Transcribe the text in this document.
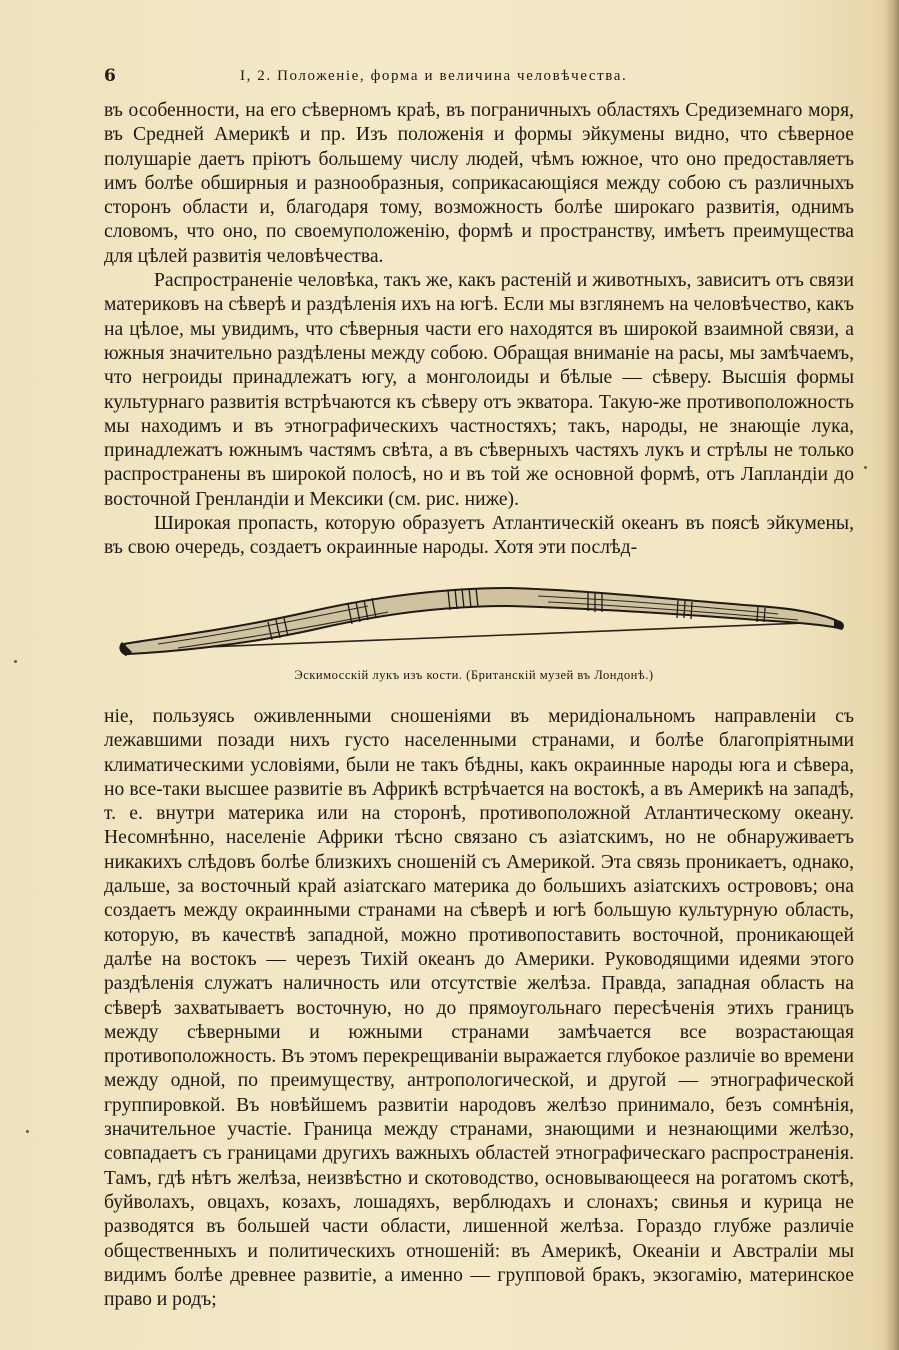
6	I, 2. Положеніе, форма и величина человѣчества.

въ особенности, на его сѣверномъ краѣ, въ пограничныхъ областяхъ Средиземнаго моря, въ Средней Америкѣ и пр. Изъ положенія и формы эйкумены видно, что сѣверное полушаріе даетъ пріютъ большему числу людей, чѣмъ южное, что оно предоставляетъ имъ болѣе обширныя и разнообразныя, соприкасающіяся между собою съ различныхъ сторонъ области и, благодаря тому, возможность болѣе широкаго развитія, однимъ словомъ, что оно, по своемуположенію, формѣ и пространству, имѣетъ преимущества для цѣлей развитія человѣчества.

Распространеніе человѣка, такъ же, какъ растеній и животныхъ, зависитъ отъ связи материковъ на сѣверѣ и раздѣленія ихъ на югѣ. Если мы взглянемъ на человѣчество, какъ на цѣлое, мы увидимъ, что сѣверныя части его находятся въ широкой взаимной связи, а южныя значительно раздѣлены между собою. Обращая вниманіе на расы, мы замѣчаемъ, что негроиды принадлежатъ югу, а монголоиды и бѣлые — сѣверу. Высшія формы культурнаго развитія встрѣчаются къ сѣверу отъ экватора. Такую-же противоположность мы находимъ и въ этнографическихъ частностяхъ; такъ, народы, не знающіе лука, принадлежатъ южнымъ частямъ свѣта, а въ сѣверныхъ частяхъ лукъ и стрѣлы не только распространены въ широкой полосѣ, но и въ той же основной формѣ, отъ Лапландіи до восточной Гренландіи и Мексики (см. рис. ниже).

Широкая пропасть, которую образуетъ Атлантическій океанъ въ поясѣ эйкумены, въ свою очередь, создаетъ окраинные народы. Хотя эти послѣд-

Эскимосскій лукъ изъ кости. (Британскій музей въ Лондонѣ.)

ніе, пользуясь оживленными сношеніями въ меридіональномъ направленіи съ лежавшими позади нихъ густо населенными странами, и болѣе благопріятными климатическими условіями, были не такъ бѣдны, какъ окраинные народы юга и сѣвера, но все-таки высшее развитіе въ Африкѣ встрѣчается на востокѣ, а въ Америкѣ на западѣ, т. е. внутри материка или на сторонѣ, противоположной Атлантическому океану. Несомнѣнно, населеніе Африки тѣсно связано съ азіатскимъ, но не обнаруживаетъ никакихъ слѣдовъ болѣе близкихъ сношеній съ Америкой. Эта связь проникаетъ, однако, дальше, за восточный край азіатскаго материка до большихъ азіатскихъ острововъ; она создаетъ между окраинными странами на сѣверѣ и югѣ большую культурную область, которую, въ качествѣ западной, можно противопоставить восточной, проникающей далѣе на востокъ — черезъ Тихій океанъ до Америки. Руководящими идеями этого раздѣленія служатъ наличность или отсутствіе желѣза. Правда, западная область на сѣверѣ захватываетъ восточную, но до прямоугольнаго пересѣченія этихъ границъ между сѣверными и южными странами замѣчается все возрастающая противоположность. Въ этомъ перекрещиваніи выражается глубокое различіе во времени между одной, по преимуществу, антропологической, и другой — этнографической группировкой. Въ новѣйшемъ развитіи народовъ желѣзо принимало, безъ сомнѣнія, значительное участіе. Граница между странами, знающими и незнающими желѣзо, совпадаетъ съ границами другихъ важныхъ областей этнографическаго распространенія. Тамъ, гдѣ нѣтъ желѣза, неизвѣстно и скотоводство, основывающееся на рогатомъ скотѣ, буйволахъ, овцахъ, козахъ, лошадяхъ, верблюдахъ и слонахъ; свинья и курица не разводятся въ большей части области, лишенной желѣза. Гораздо глубже различіе общественныхъ и политическихъ отношеній: въ Америкѣ, Океаніи и Австраліи мы видимъ болѣе древнее развитіе, а именно — групповой бракъ, экзогамію, материнское право и родъ;
